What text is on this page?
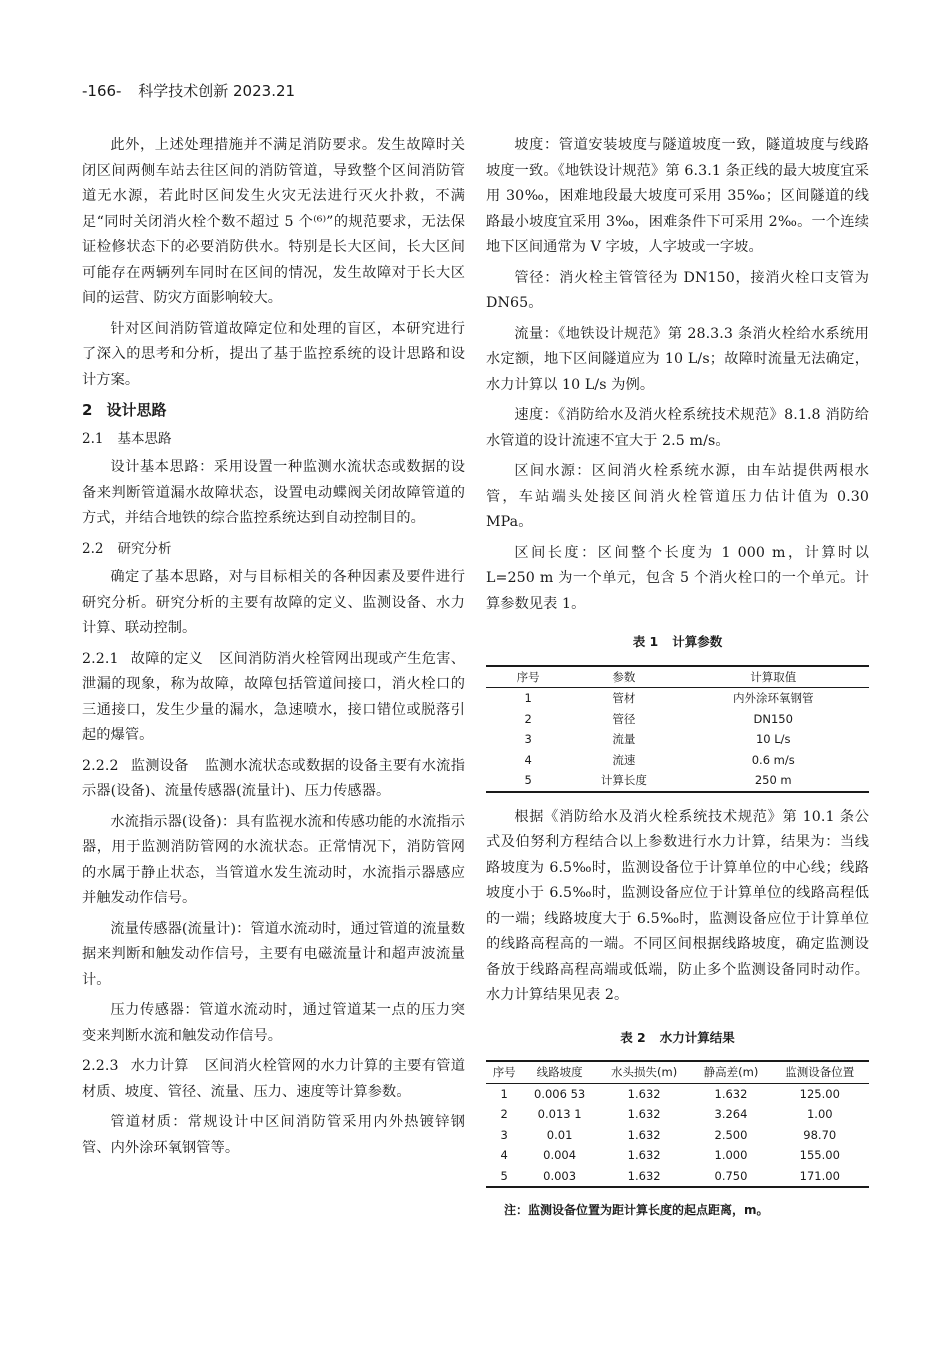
-166- 科学技术创新 2023.21

此外，上述处理措施并不满足消防要求。发生故障时关闭区间两侧车站去往区间的消防管道，导致整个区间消防管道无水源，若此时区间发生火灾无法进行灭火扑救，不满足“同时关闭消火栓个数不超过 5 个⁽⁶⁾”的规范要求，无法保证检修状态下的必要消防供水。特别是长大区间，长大区间可能存在两辆列车同时在区间的情况，发生故障对于长大区间的运营、防灾方面影响较大。

针对区间消防管道故障定位和处理的盲区，本研究进行了深入的思考和分析，提出了基于监控系统的设计思路和设计方案。

2 设计思路
2.1 基本思路

设计基本思路：采用设置一种监测水流状态或数据的设备来判断管道漏水故障状态，设置电动蝶阀关闭故障管道的方式，并结合地铁的综合监控系统达到自动控制目的。

2.2 研究分析

确定了基本思路，对与目标相关的各种因素及要件进行研究分析。研究分析的主要有故障的定义、监测设备、水力计算、联动控制。

2.2.1 故障的定义 区间消防消火栓管网出现或产生危害、泄漏的现象，称为故障，故障包括管道间接口，消火栓口的三通接口，发生少量的漏水，急速喷水，接口错位或脱落引起的爆管。

2.2.2 监测设备 监测水流状态或数据的设备主要有水流指示器(设备)、流量传感器(流量计)、压力传感器。

水流指示器(设备)：具有监视水流和传感功能的水流指示器，用于监测消防管网的水流状态。正常情况下，消防管网的水属于静止状态，当管道水发生流动时，水流指示器感应并触发动作信号。

流量传感器(流量计)：管道水流动时，通过管道的流量数据来判断和触发动作信号，主要有电磁流量计和超声波流量计。

压力传感器：管道水流动时，通过管道某一点的压力突变来判断水流和触发动作信号。

2.2.3 水力计算 区间消火栓管网的水力计算的主要有管道材质、坡度、管径、流量、压力、速度等计算参数。

管道材质：常规设计中区间消防管采用内外热镀锌钢管、内外涂环氧钢管等。

坡度：管道安装坡度与隧道坡度一致，隧道坡度与线路坡度一致。《地铁设计规范》第 6.3.1 条正线的最大坡度宜采用 30‰，困难地段最大坡度可采用 35‰；区间隧道的线路最小坡度宜采用 3‰，困难条件下可采用 2‰。一个连续地下区间通常为 V 字坡，人字坡或一字坡。

管径：消火栓主管管径为 DN150，接消火栓口支管为 DN65。

流量：《地铁设计规范》第 28.3.3 条消火栓给水系统用水定额，地下区间隧道应为 10 L/s；故障时流量无法确定，水力计算以 10 L/s 为例。

速度：《消防给水及消火栓系统技术规范》8.1.8 消防给水管道的设计流速不宜大于 2.5 m/s。

区间水源：区间消火栓系统水源，由车站提供两根水管，车站端头处接区间消火栓管道压力估计值为 0.30 MPa。

区间长度：区间整个长度为 1 000 m，计算时以 L=250 m 为一个单元，包含 5 个消火栓口的一个单元。计算参数见表 1。

表 1 计算参数
序号	参数	计算取值
1	管材	内外涂环氧钢管
2	管径	DN150
3	流量	10 L/s
4	流速	0.6 m/s
5	计算长度	250 m

根据《消防给水及消火栓系统技术规范》第 10.1 条公式及伯努利方程结合以上参数进行水力计算，结果为：当线路坡度为 6.5‰时，监测设备位于计算单位的中心线；线路坡度小于 6.5‰时，监测设备应位于计算单位的线路高程低的一端；线路坡度大于 6.5‰时，监测设备应位于计算单位的线路高程高的一端。不同区间根据线路坡度，确定监测设备放于线路高程高端或低端，防止多个监测设备同时动作。水力计算结果见表 2。

表 2 水力计算结果
序号	线路坡度	水头损失(m)	静高差(m)	监测设备位置
1	0.006 53	1.632	1.632	125.00
2	0.013 1	1.632	3.264	1.00
3	0.01	1.632	2.500	98.70
4	0.004	1.632	1.000	155.00
5	0.003	1.632	0.750	171.00
注：监测设备位置为距计算长度的起点距离，m。
